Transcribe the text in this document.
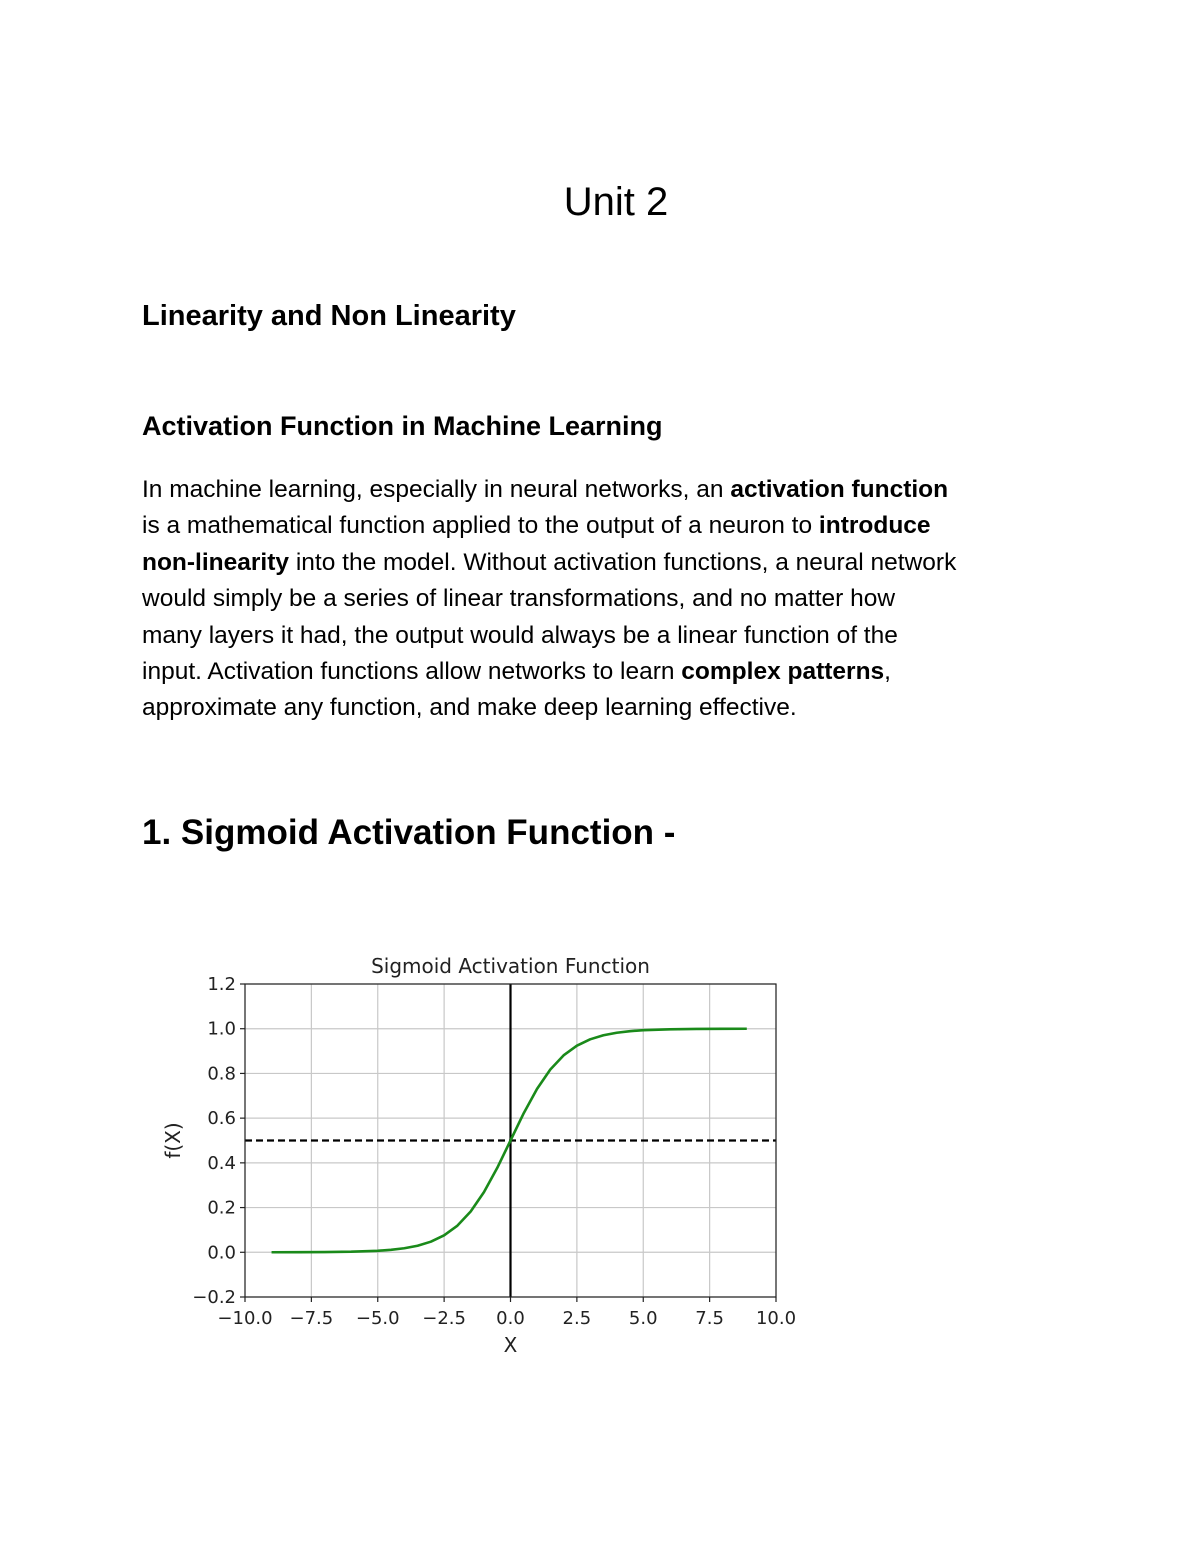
Unit 2
Linearity and Non Linearity
Activation Function in Machine Learning

In machine learning, especially in neural networks, an activation function
is a mathematical function applied to the output of a neuron to introduce
non-linearity into the model. Without activation functions, a neural network
would simply be a series of linear transformations, and no matter how
many layers it had, the output would always be a linear function of the
input. Activation functions allow networks to learn complex patterns,
approximate any function, and make deep learning effective.

1. Sigmoid Activation Function -
−10.0 −7.5 −5.0 −2.5 0.0 2.5 5.0 7.5 10.0
−0.2
0.0
0.2
0.4
0.6
0.8
1.0
1.2
Sigmoid Activation Function
X
f(X)
